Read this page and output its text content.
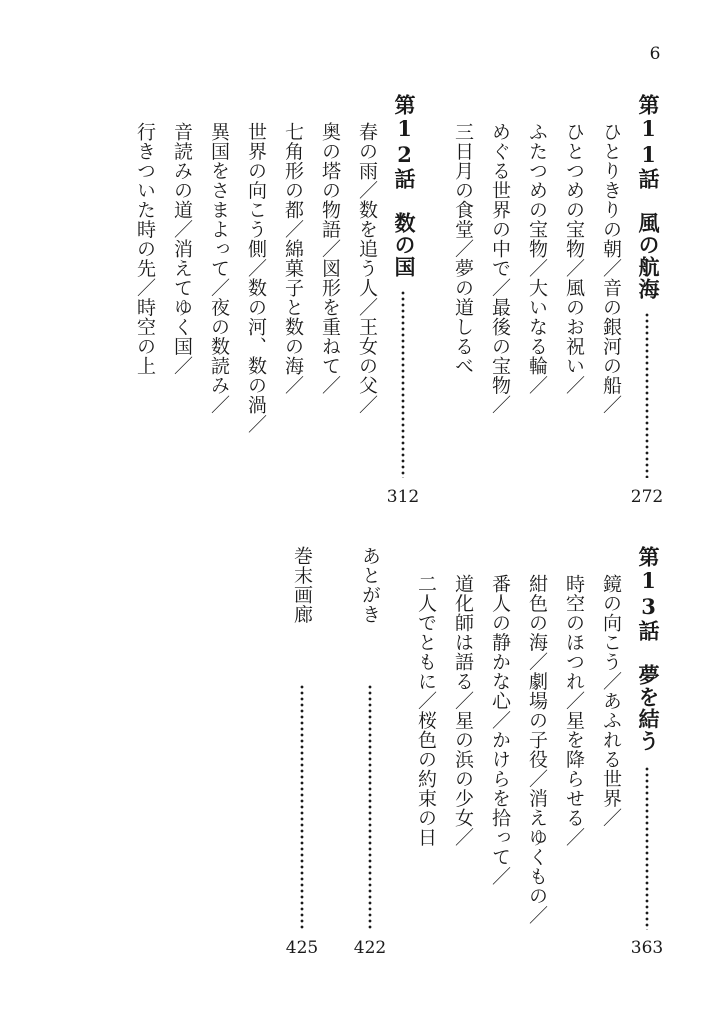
6
第11話　風の航海
272
ひとりきりの朝／音の銀河の船／
ひとつめの宝物／風のお祝い／
ふたつめの宝物／大いなる輪／
めぐる世界の中で／最後の宝物／
三日月の食堂／夢の道しるべ
第12話　数の国
312
春の雨／数を追う人／王女の父／
奥の塔の物語／図形を重ねて／
七角形の都／綿菓子と数の海／
世界の向こう側／数の河、数の渦／
異国をさまよって／夜の数読み／
音読みの道／消えてゆく国／
行きついた時の先／時空の上
第13話　夢を結う
363
鏡の向こう／あふれる世界／
時空のほつれ／星を降らせる／
紺色の海／劇場の子役／消えゆくもの／
番人の静かな心／かけらを拾って／
道化師は語る／星の浜の少女／
二人でともに／桜色の約束の日
あとがき
422
巻末画廊
425
